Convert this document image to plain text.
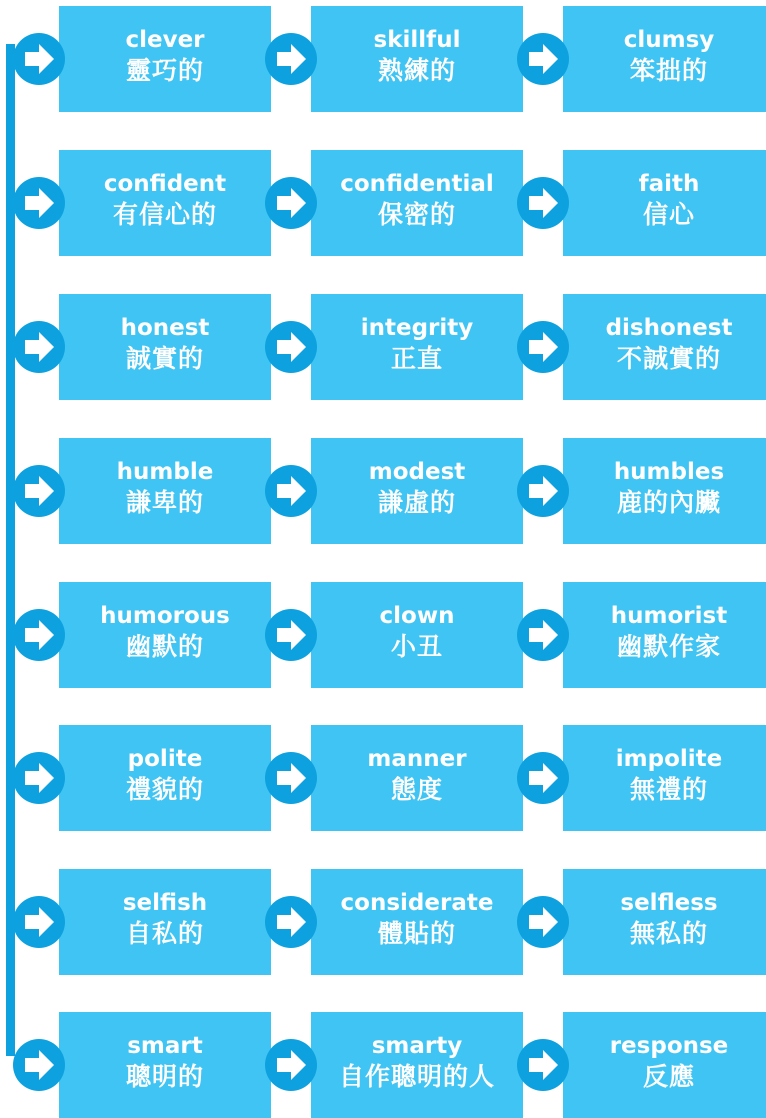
clever
靈巧的
skillful
熟練的
clumsy
笨拙的
confident
有信心的
confidential
保密的
faith
信心
honest
誠實的
integrity
正直
dishonest
不誠實的
humble
謙卑的
modest
謙虛的
humbles
鹿的內臟
humorous
幽默的
clown
小丑
humorist
幽默作家
polite
禮貌的
manner
態度
impolite
無禮的
selfish
自私的
considerate
體貼的
selfless
無私的
smart
聰明的
smarty
自作聰明的人
response
反應
